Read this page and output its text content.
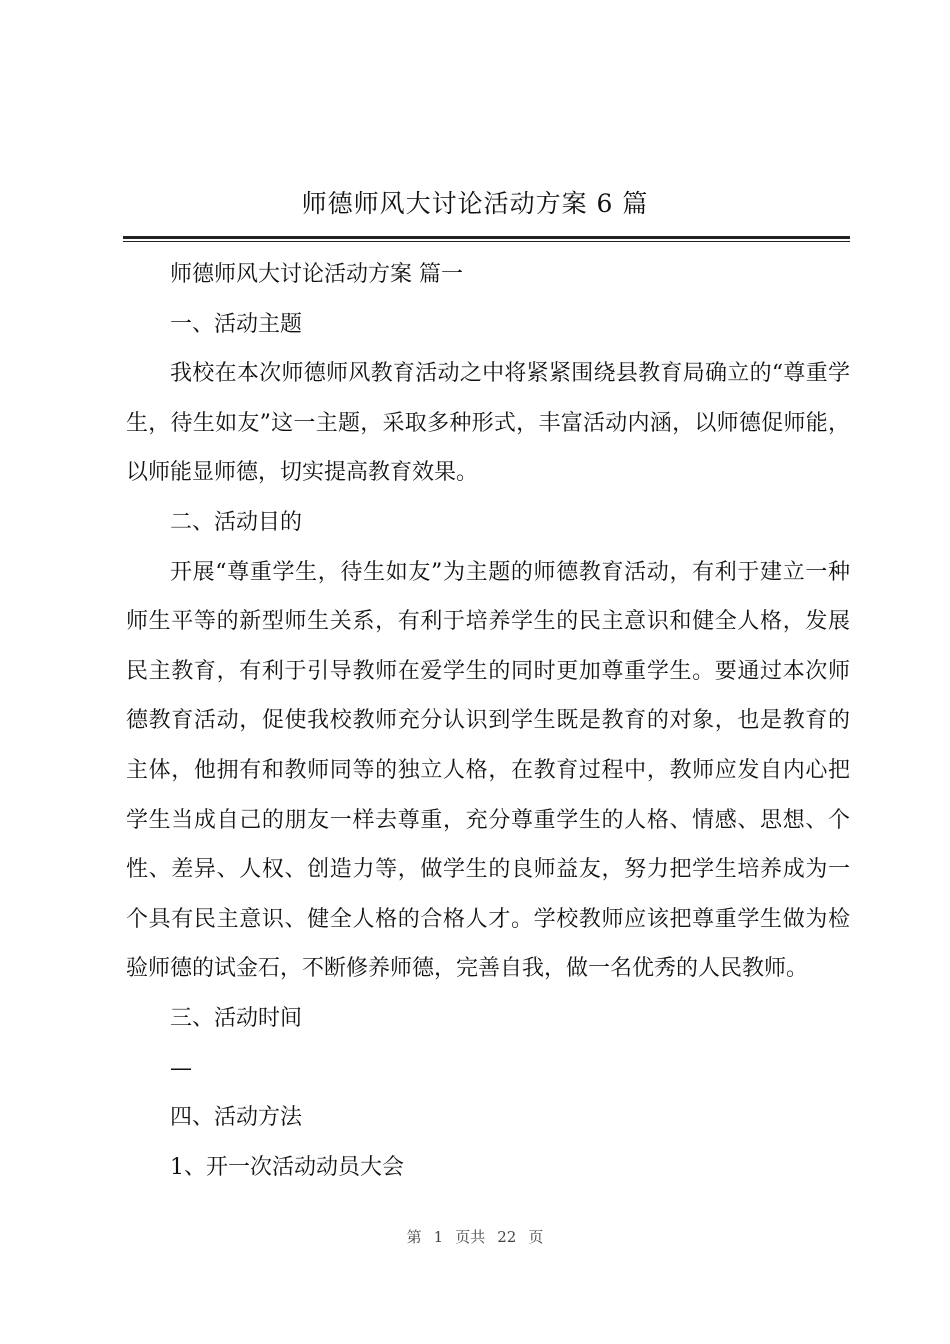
师德师风大讨论活动方案 6 篇

师德师风大讨论活动方案 篇一

一、活动主题

我校在本次师德师风教育活动之中将紧紧围绕县教育局确立的“尊重学生，待生如友”这一主题，采取多种形式，丰富活动内涵，以师德促师能，以师能显师德，切实提高教育效果。

二、活动目的

开展“尊重学生，待生如友”为主题的师德教育活动，有利于建立一种师生平等的新型师生关系，有利于培养学生的民主意识和健全人格，发展民主教育，有利于引导教师在爱学生的同时更加尊重学生。要通过本次师德教育活动，促使我校教师充分认识到学生既是教育的对象，也是教育的主体，他拥有和教师同等的独立人格，在教育过程中，教师应发自内心把学生当成自己的朋友一样去尊重，充分尊重学生的人格、情感、思想、个性、差异、人权、创造力等，做学生的良师益友，努力把学生培养成为一个具有民主意识、健全人格的合格人才。学校教师应该把尊重学生做为检验师德的试金石，不断修养师德，完善自我，做一名优秀的人民教师。

三、活动时间

—

四、活动方法

1、开一次活动动员大会

第 1 页共 22 页
